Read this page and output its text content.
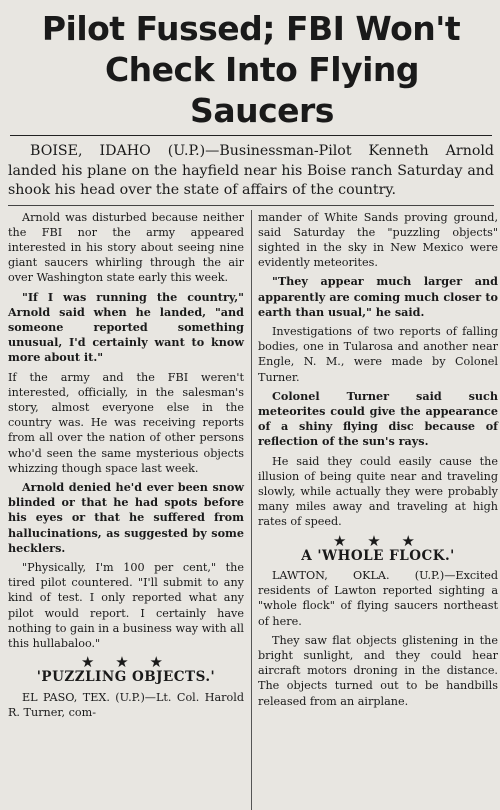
Pilot Fussed; FBI Won't
Check Into Flying Saucers

BOISE, IDAHO (U.P.)—Businessman-Pilot Kenneth Arnold landed his plane on the hayfield near his Boise ranch Saturday and shook his head over the state of affairs of the country.

Arnold was disturbed because neither the FBI nor the army appeared interested in his story about seeing nine giant saucers whirling through the air over Washington state early this week.

"If I was running the country," Arnold said when he landed, "and someone reported something unusual, I'd certainly want to know more about it."

If the army and the FBI weren't interested, officially, in the salesman's story, almost everyone else in the country was. He was receiving reports from all over the nation of other persons who'd seen the same mysterious objects whizzing though space last week.

Arnold denied he'd ever been snow blinded or that he had spots before his eyes or that he suffered from hallucinations, as suggested by some hecklers.

"Physically, I'm 100 per cent," the tired pilot countered. "I'll submit to any kind of test. I only reported what any pilot would report. I certainly have nothing to gain in a business way with all this hullabaloo."

★ ★ ★
'PUZZLING OBJECTS.'

EL PASO, TEX. (U.P.)—Lt. Col. Harold R. Turner, com-

mander of White Sands proving ground, said Saturday the "puzzling objects" sighted in the sky in New Mexico were evidently meteorites.

"They appear much larger and apparently are coming much closer to earth than usual," he said.

Investigations of two reports of falling bodies, one in Tularosa and another near Engle, N. M., were made by Colonel Turner.

Colonel Turner said such meteorites could give the appearance of a shiny flying disc because of reflection of the sun's rays.

He said they could easily cause the illusion of being quite near and traveling slowly, while actually they were probably many miles away and traveling at high rates of speed.

★ ★ ★
A 'WHOLE FLOCK.'

LAWTON, OKLA. (U.P.)—Excited residents of Lawton reported sighting a "whole flock" of flying saucers northeast of here.

They saw flat objects glistening in the bright sunlight, and they could hear aircraft motors droning in the distance. The objects turned out to be handbills released from an airplane.
